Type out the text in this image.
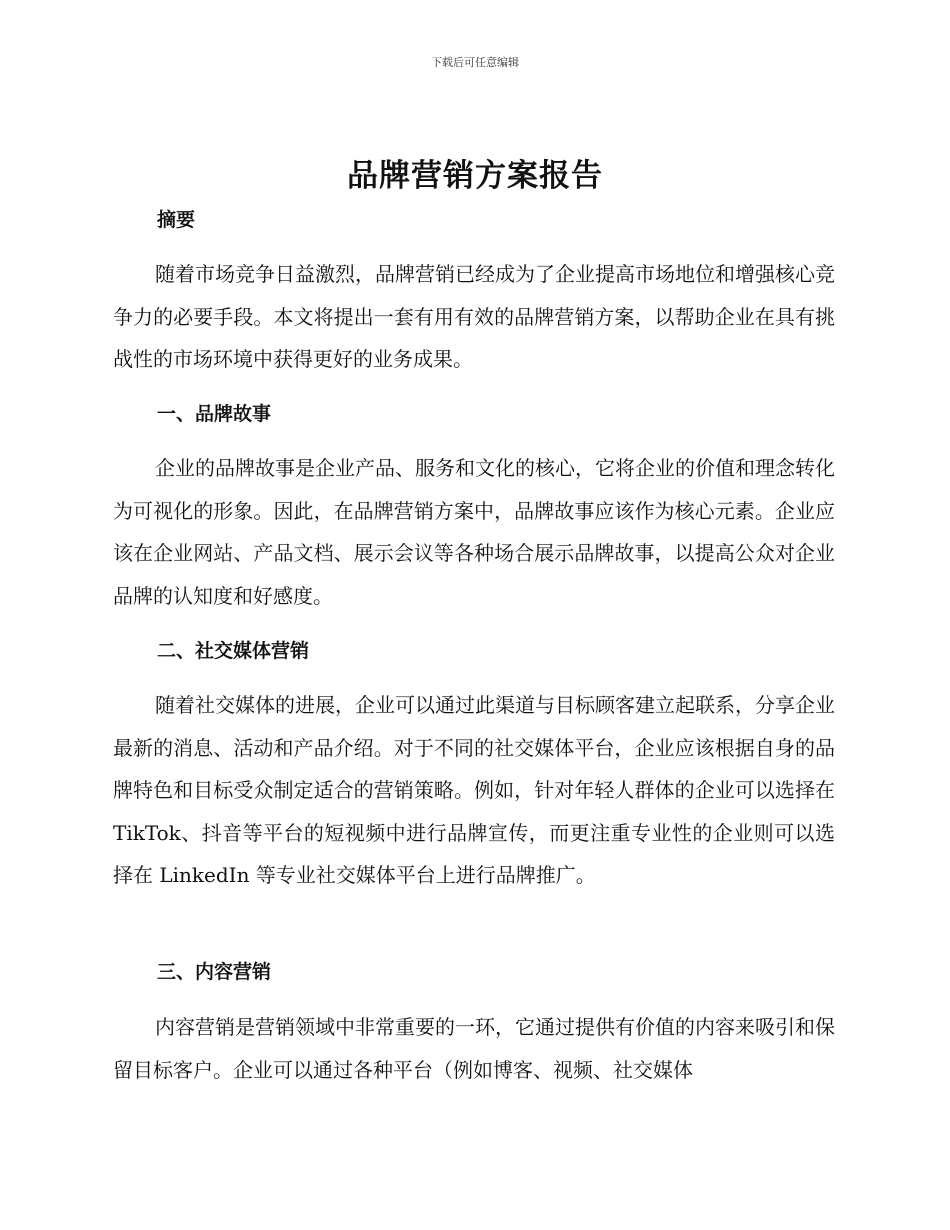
下载后可任意编辑
品牌营销方案报告
摘要

随着市场竞争日益激烈，品牌营销已经成为了企业提高市场地位和增强核心竞争力的必要手段。本文将提出一套有用有效的品牌营销方案，以帮助企业在具有挑战性的市场环境中获得更好的业务成果。

一、品牌故事

企业的品牌故事是企业产品、服务和文化的核心，它将企业的价值和理念转化为可视化的形象。因此，在品牌营销方案中，品牌故事应该作为核心元素。企业应该在企业网站、产品文档、展示会议等各种场合展示品牌故事，以提高公众对企业品牌的认知度和好感度。

二、社交媒体营销

随着社交媒体的进展，企业可以通过此渠道与目标顾客建立起联系，分享企业最新的消息、活动和产品介绍。对于不同的社交媒体平台，企业应该根据自身的品牌特色和目标受众制定适合的营销策略。例如，针对年轻人群体的企业可以选择在 TikTok、抖音等平台的短视频中进行品牌宣传，而更注重专业性的企业则可以选择在 LinkedIn 等专业社交媒体平台上进行品牌推广。

三、内容营销

内容营销是营销领域中非常重要的一环，它通过提供有价值的内容来吸引和保留目标客户。企业可以通过各种平台（例如博客、视频、社交媒体
